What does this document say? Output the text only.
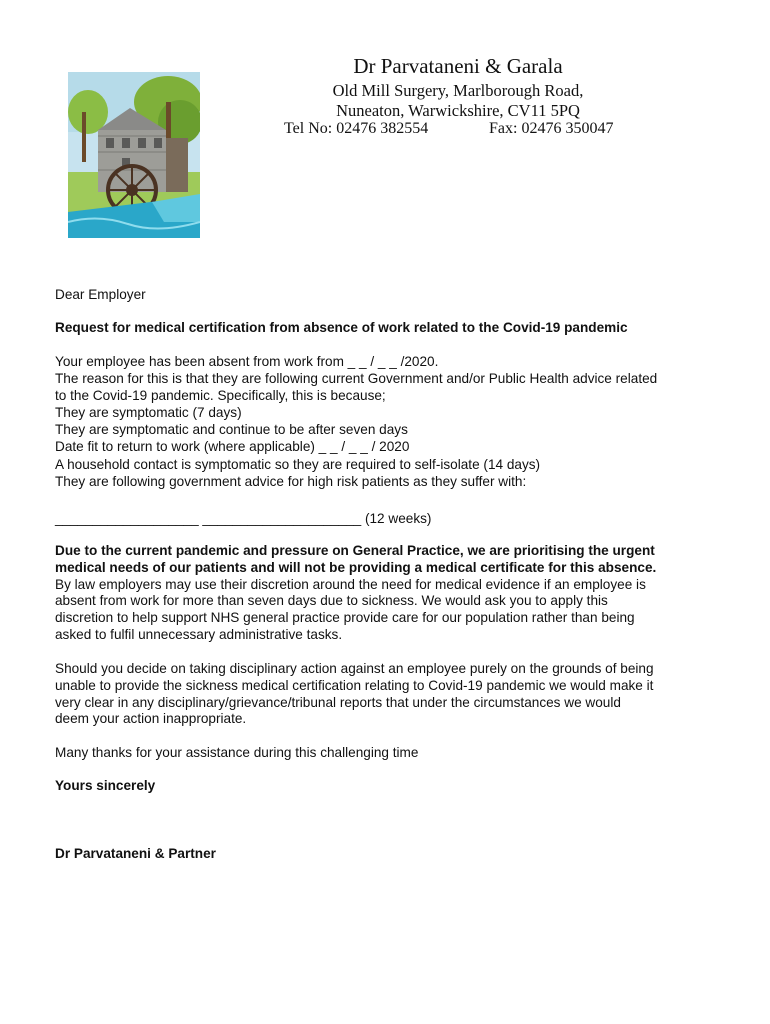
Dr Parvataneni & Garala
Old Mill Surgery, Marlborough Road,
Nuneaton, Warwickshire, CV11 5PQ
Tel No: 02476 382554	Fax: 02476 350047
Dear Employer
Request for medical certification from absence of work related to the Covid-19 pandemic
Your employee has been absent from work from _ _ / _ _ /2020.
The reason for this is that they are following current Government and/or Public Health advice related
to the Covid-19 pandemic. Specifically, this is because;
They are symptomatic (7 days)
They are symptomatic and continue to be after seven days
Date fit to return to work (where applicable) _ _ / _ _ / 2020
A household contact is symptomatic so they are required to self-isolate (14 days)
They are following government advice for high risk patients as they suffer with:
___________________ _____________________ (12 weeks)
Due to the current pandemic and pressure on General Practice, we are prioritising the urgent
medical needs of our patients and will not be providing a medical certificate for this absence.
By law employers may use their discretion around the need for medical evidence if an employee is
absent from work for more than seven days due to sickness. We would ask you to apply this
discretion to help support NHS general practice provide care for our population rather than being
asked to fulfil unnecessary administrative tasks.
Should you decide on taking disciplinary action against an employee purely on the grounds of being
unable to provide the sickness medical certification relating to Covid-19 pandemic we would make it
very clear in any disciplinary/grievance/tribunal reports that under the circumstances we would
deem your action inappropriate.
Many thanks for your assistance during this challenging time
Yours sincerely
Dr Parvataneni & Partner
